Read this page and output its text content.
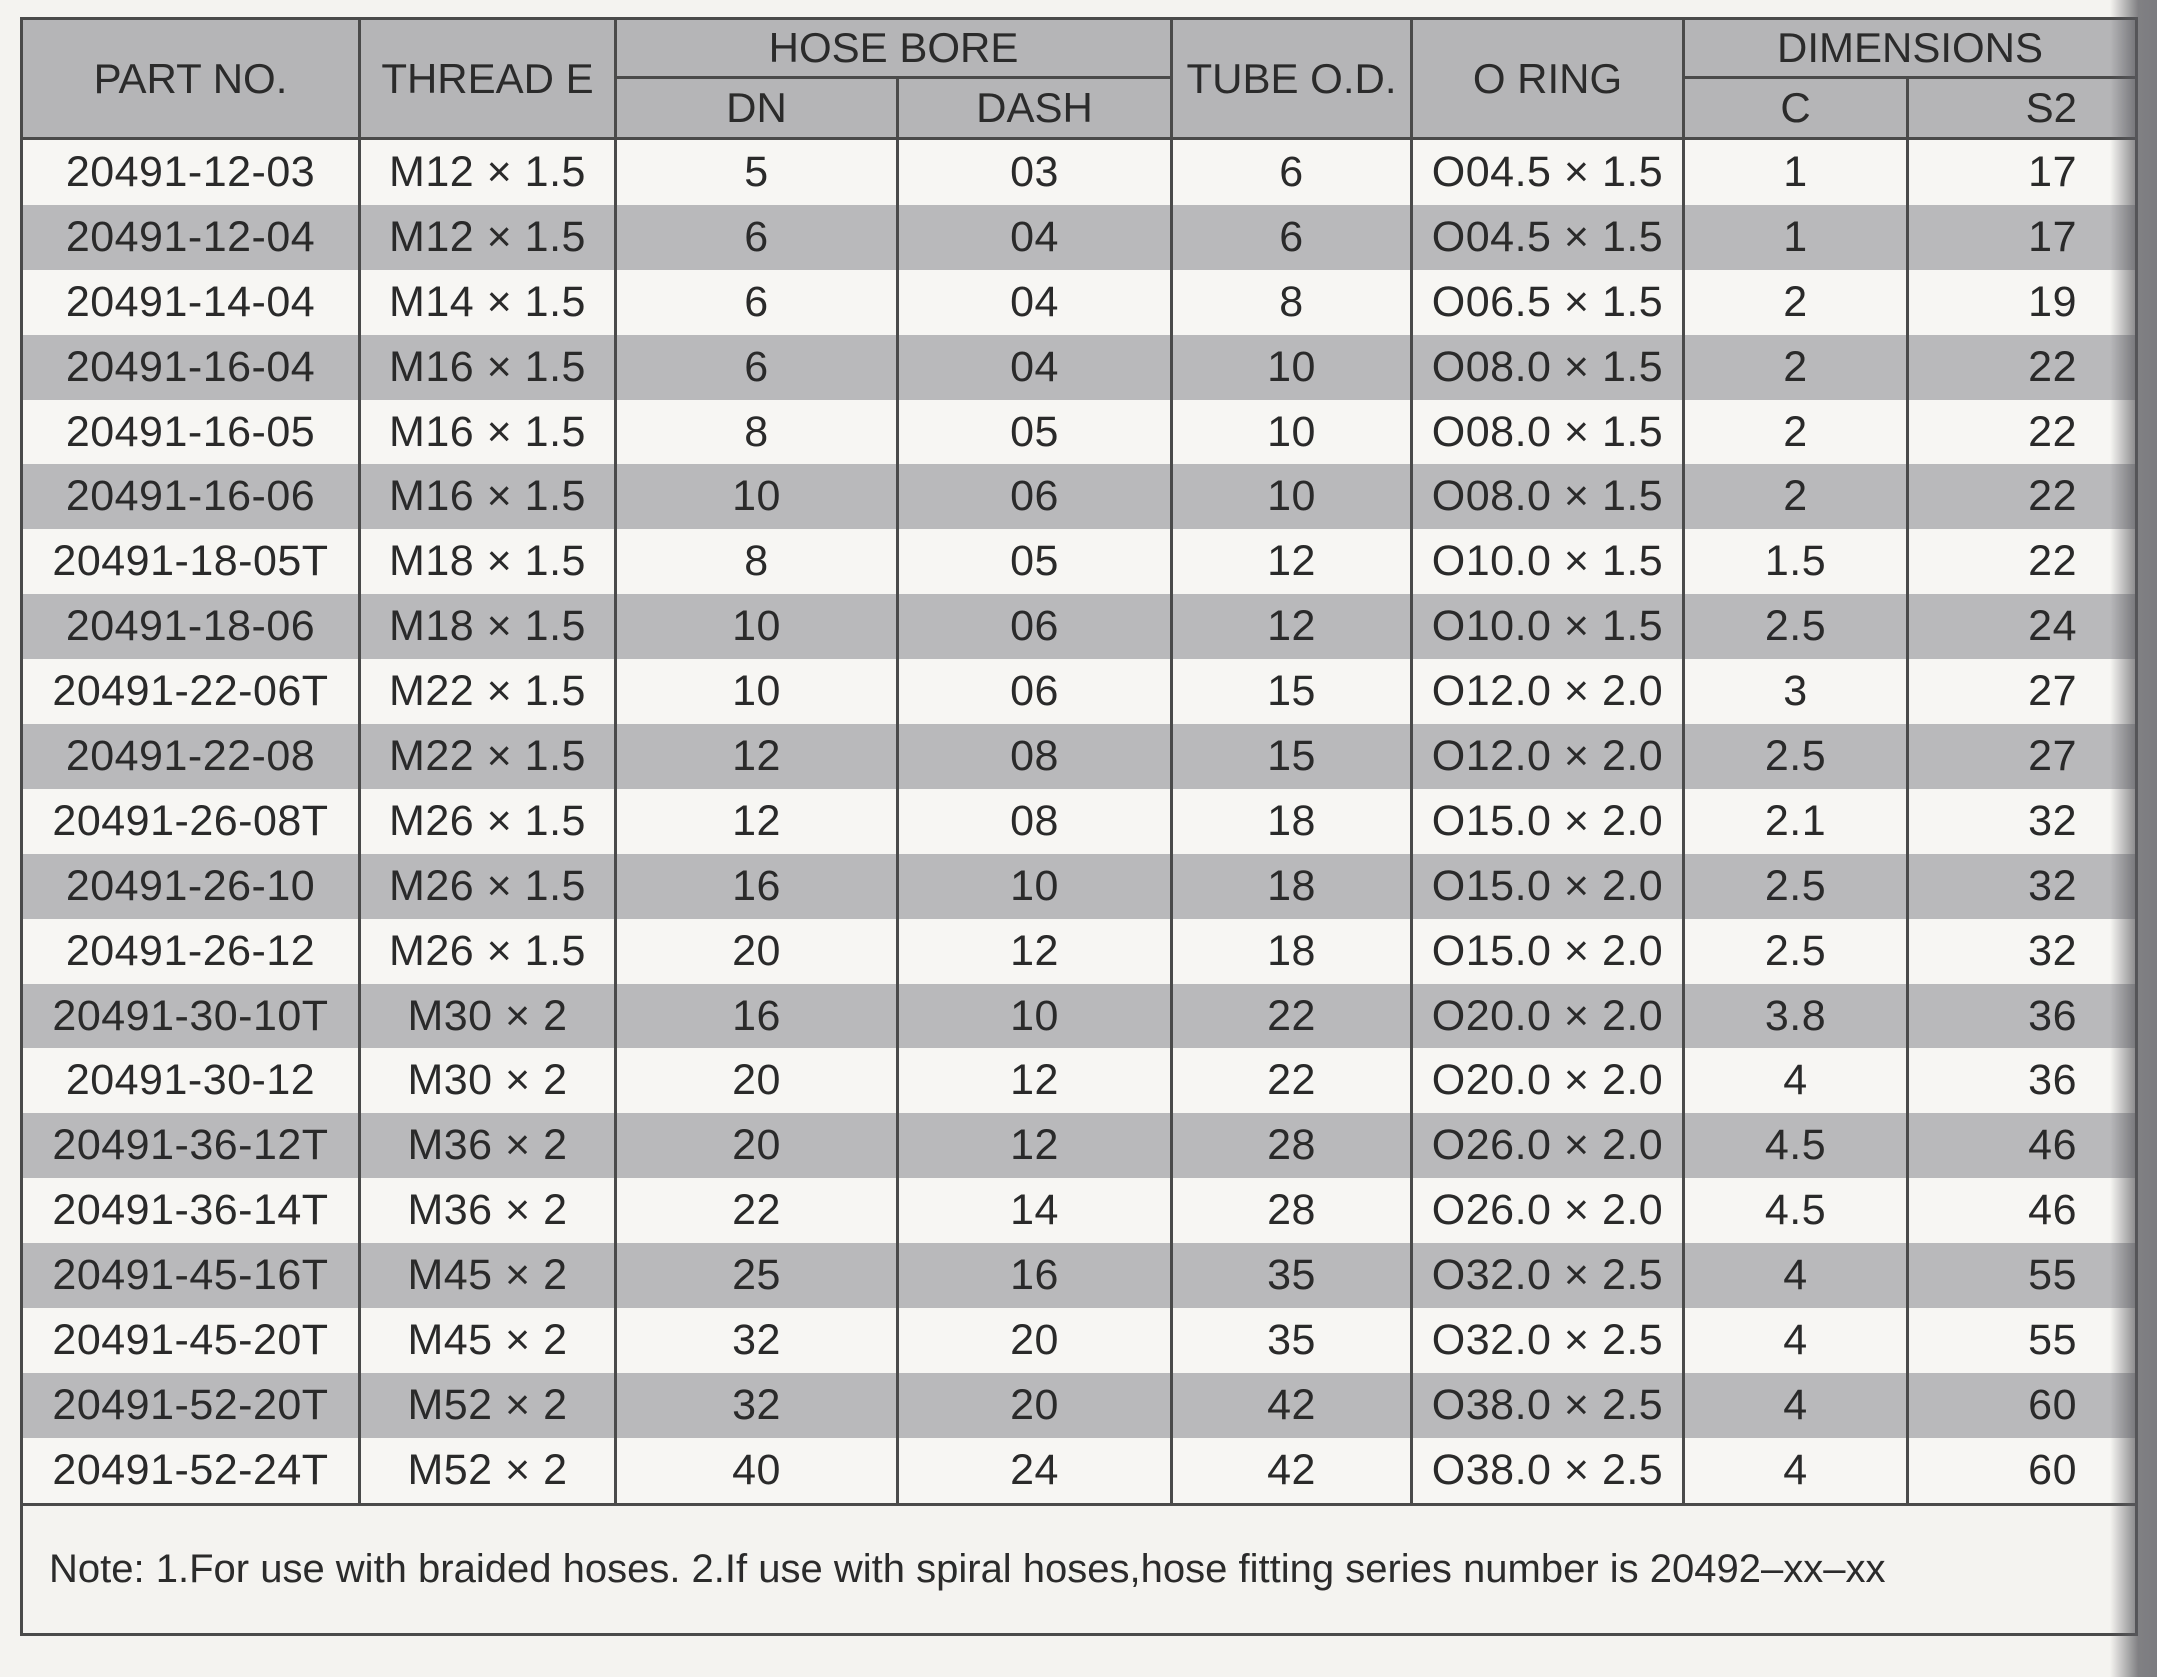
PART NO.	THREAD E	HOSE BORE		TUBE O.D.	O RING	DIMENSIONS	
		DN	DASH			C	S2
20491-12-03	M12 × 1.5	5	03	6	O04.5 × 1.5	1	17
20491-12-04	M12 × 1.5	6	04	6	O04.5 × 1.5	1	17
20491-14-04	M14 × 1.5	6	04	8	O06.5 × 1.5	2	19
20491-16-04	M16 × 1.5	6	04	10	O08.0 × 1.5	2	22
20491-16-05	M16 × 1.5	8	05	10	O08.0 × 1.5	2	22
20491-16-06	M16 × 1.5	10	06	10	O08.0 × 1.5	2	22
20491-18-05T	M18 × 1.5	8	05	12	O10.0 × 1.5	1.5	22
20491-18-06	M18 × 1.5	10	06	12	O10.0 × 1.5	2.5	24
20491-22-06T	M22 × 1.5	10	06	15	O12.0 × 2.0	3	27
20491-22-08	M22 × 1.5	12	08	15	O12.0 × 2.0	2.5	27
20491-26-08T	M26 × 1.5	12	08	18	O15.0 × 2.0	2.1	32
20491-26-10	M26 × 1.5	16	10	18	O15.0 × 2.0	2.5	32
20491-26-12	M26 × 1.5	20	12	18	O15.0 × 2.0	2.5	32
20491-30-10T	M30 × 2	16	10	22	O20.0 × 2.0	3.8	36
20491-30-12	M30 × 2	20	12	22	O20.0 × 2.0	4	36
20491-36-12T	M36 × 2	20	12	28	O26.0 × 2.0	4.5	46
20491-36-14T	M36 × 2	22	14	28	O26.0 × 2.0	4.5	46
20491-45-16T	M45 × 2	25	16	35	O32.0 × 2.5	4	55
20491-45-20T	M45 × 2	32	20	35	O32.0 × 2.5	4	55
20491-52-20T	M52 × 2	32	20	42	O38.0 × 2.5	4	60
20491-52-24T	M52 × 2	40	24	42	O38.0 × 2.5	4	60
Note: 1.For use with braided hoses. 2.If use with spiral hoses,hose fitting series number is 20492–xx–xx							
